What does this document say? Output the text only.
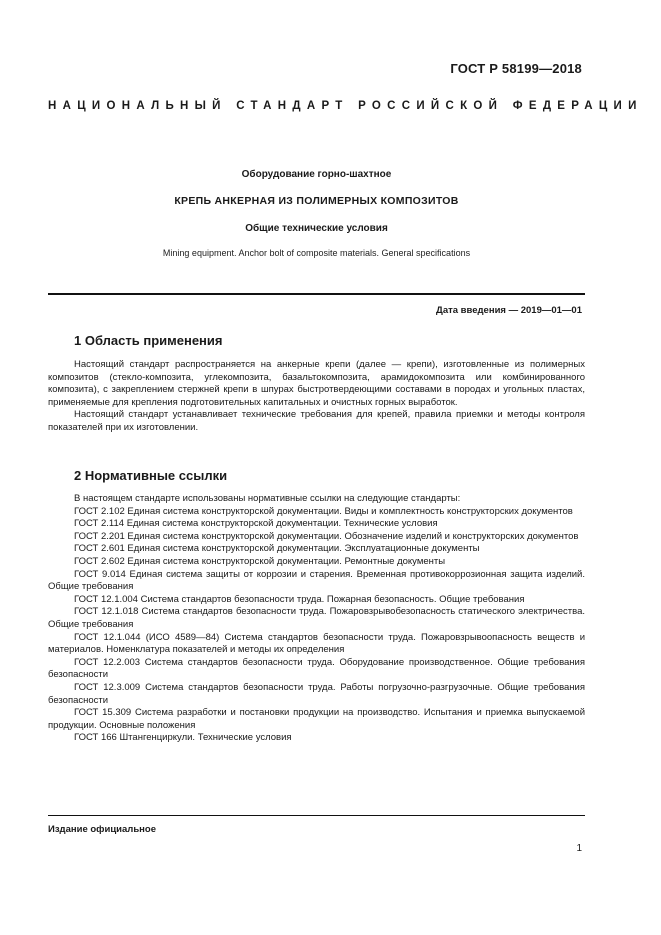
ГОСТ Р 58199—2018
НАЦИОНАЛЬНЫЙ СТАНДАРТ РОССИЙСКОЙ ФЕДЕРАЦИИ
Оборудование горно-шахтное
КРЕПЬ АНКЕРНАЯ ИЗ ПОЛИМЕРНЫХ КОМПОЗИТОВ
Общие технические условия
Mining equipment. Anchor bolt of composite materials. General specifications
Дата введения — 2019—01—01
1 Область применения

Настоящий стандарт распространяется на анкерные крепи (далее — крепи), изготовленные из полимерных композитов (стекло-композита, углекомпозита, базальтокомпозита, арамидокомпозита или комбинированного композита), с закреплением стержней крепи в шпурах быстротвердеющими составами в породах и угольных пластах, применяемые для крепления подготовительных капитальных и очистных горных выработок.

Настоящий стандарт устанавливает технические требования для крепей, правила приемки и методы контроля показателей при их изготовлении.

2 Нормативные ссылки

В настоящем стандарте использованы нормативные ссылки на следующие стандарты:

ГОСТ 2.102 Единая система конструкторской документации. Виды и комплектность конструкторских документов

ГОСТ 2.114 Единая система конструкторской документации. Технические условия

ГОСТ 2.201 Единая система конструкторской документации. Обозначение изделий и конструкторских документов

ГОСТ 2.601 Единая система конструкторской документации. Эксплуатационные документы

ГОСТ 2.602 Единая система конструкторской документации. Ремонтные документы

ГОСТ 9.014 Единая система защиты от коррозии и старения. Временная противокоррозионная защита изделий. Общие требования

ГОСТ 12.1.004 Система стандартов безопасности труда. Пожарная безопасность. Общие требования

ГОСТ 12.1.018 Система стандартов безопасности труда. Пожаровзрывобезопасность статического электричества. Общие требования

ГОСТ 12.1.044 (ИСО 4589—84) Система стандартов безопасности труда. Пожаровзрывоопасность веществ и материалов. Номенклатура показателей и методы их определения

ГОСТ 12.2.003 Система стандартов безопасности труда. Оборудование производственное. Общие требования безопасности

ГОСТ 12.3.009 Система стандартов безопасности труда. Работы погрузочно-разгрузочные. Общие требования безопасности

ГОСТ 15.309 Система разработки и постановки продукции на производство. Испытания и приемка выпускаемой продукции. Основные положения

ГОСТ 166 Штангенциркули. Технические условия

Издание официальное
1
